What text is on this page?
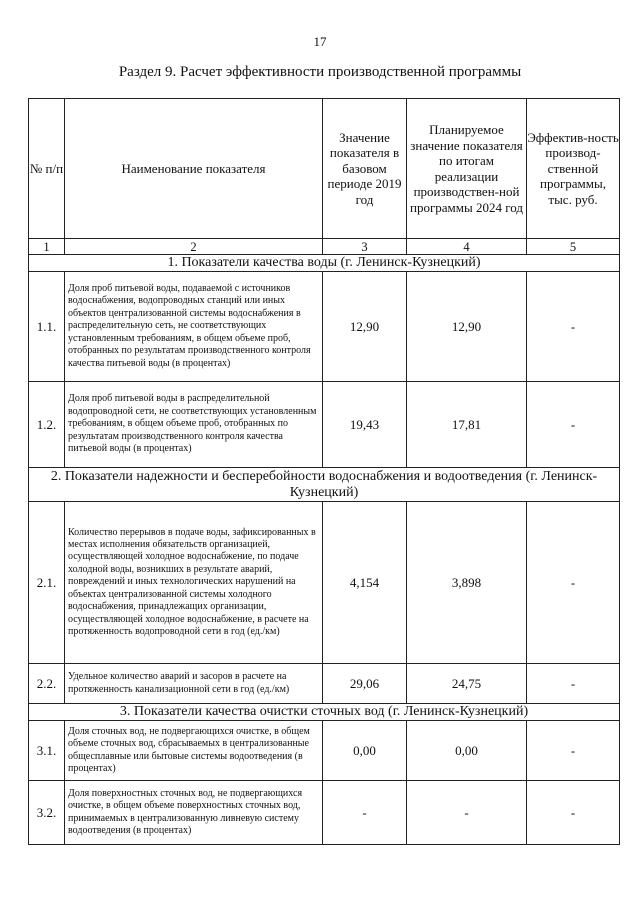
17
Раздел 9. Расчет эффективности производственной программы
№ п/п	Наименование показателя	Значение показателя в базовом периоде 2019 год	Планируемое значение показателя по итогам реализации производствен-ной программы 2024 год	Эффектив-ность производ-ственной программы, тыс. руб.
1	2	3	4	5
1. Показатели качества воды (г. Ленинск-Кузнецкий)				
1.1.	Доля проб питьевой воды, подаваемой с источников водоснабжения, водопроводных станций или иных объектов централизованной системы водоснабжения в распределительную сеть, не соответствующих установленным требованиям, в общем объеме проб, отобранных по результатам производственного контроля качества питьевой воды (в процентах)	12,90	12,90	-
1.2.	Доля проб питьевой воды в распределительной водопроводной сети, не соответствующих установленным требованиям, в общем объеме проб, отобранных по результатам производственного контроля качества питьевой воды (в процентах)	19,43	17,81	-
2. Показатели надежности и бесперебойности водоснабжения и водоотведения (г. Ленинск-Кузнецкий)				
2.1.	Количество перерывов в подаче воды, зафиксированных в местах исполнения обязательств организацией, осуществляющей холодное водоснабжение, по подаче холодной воды, возникших в результате аварий, повреждений и иных технологических нарушений на объектах централизованной системы холодного водоснабжения, принадлежащих организации, осуществляющей холодное водоснабжение, в расчете на протяженность водопроводной сети в год (ед./км)	4,154	3,898	-
2.2.	Удельное количество аварий и засоров в расчете на протяженность канализационной сети в год (ед./км)	29,06	24,75	-
3. Показатели качества очистки сточных вод (г. Ленинск-Кузнецкий)				
3.1.	Доля сточных вод, не подвергающихся очистке, в общем объеме сточных вод, сбрасываемых в централизованные общесплавные или бытовые системы водоотведения (в процентах)	0,00	0,00	-
3.2.	Доля поверхностных сточных вод, не подвергающихся очистке, в общем объеме поверхностных сточных вод, принимаемых в централизованную ливневую систему водоотведения (в процентах)	-	-	-
